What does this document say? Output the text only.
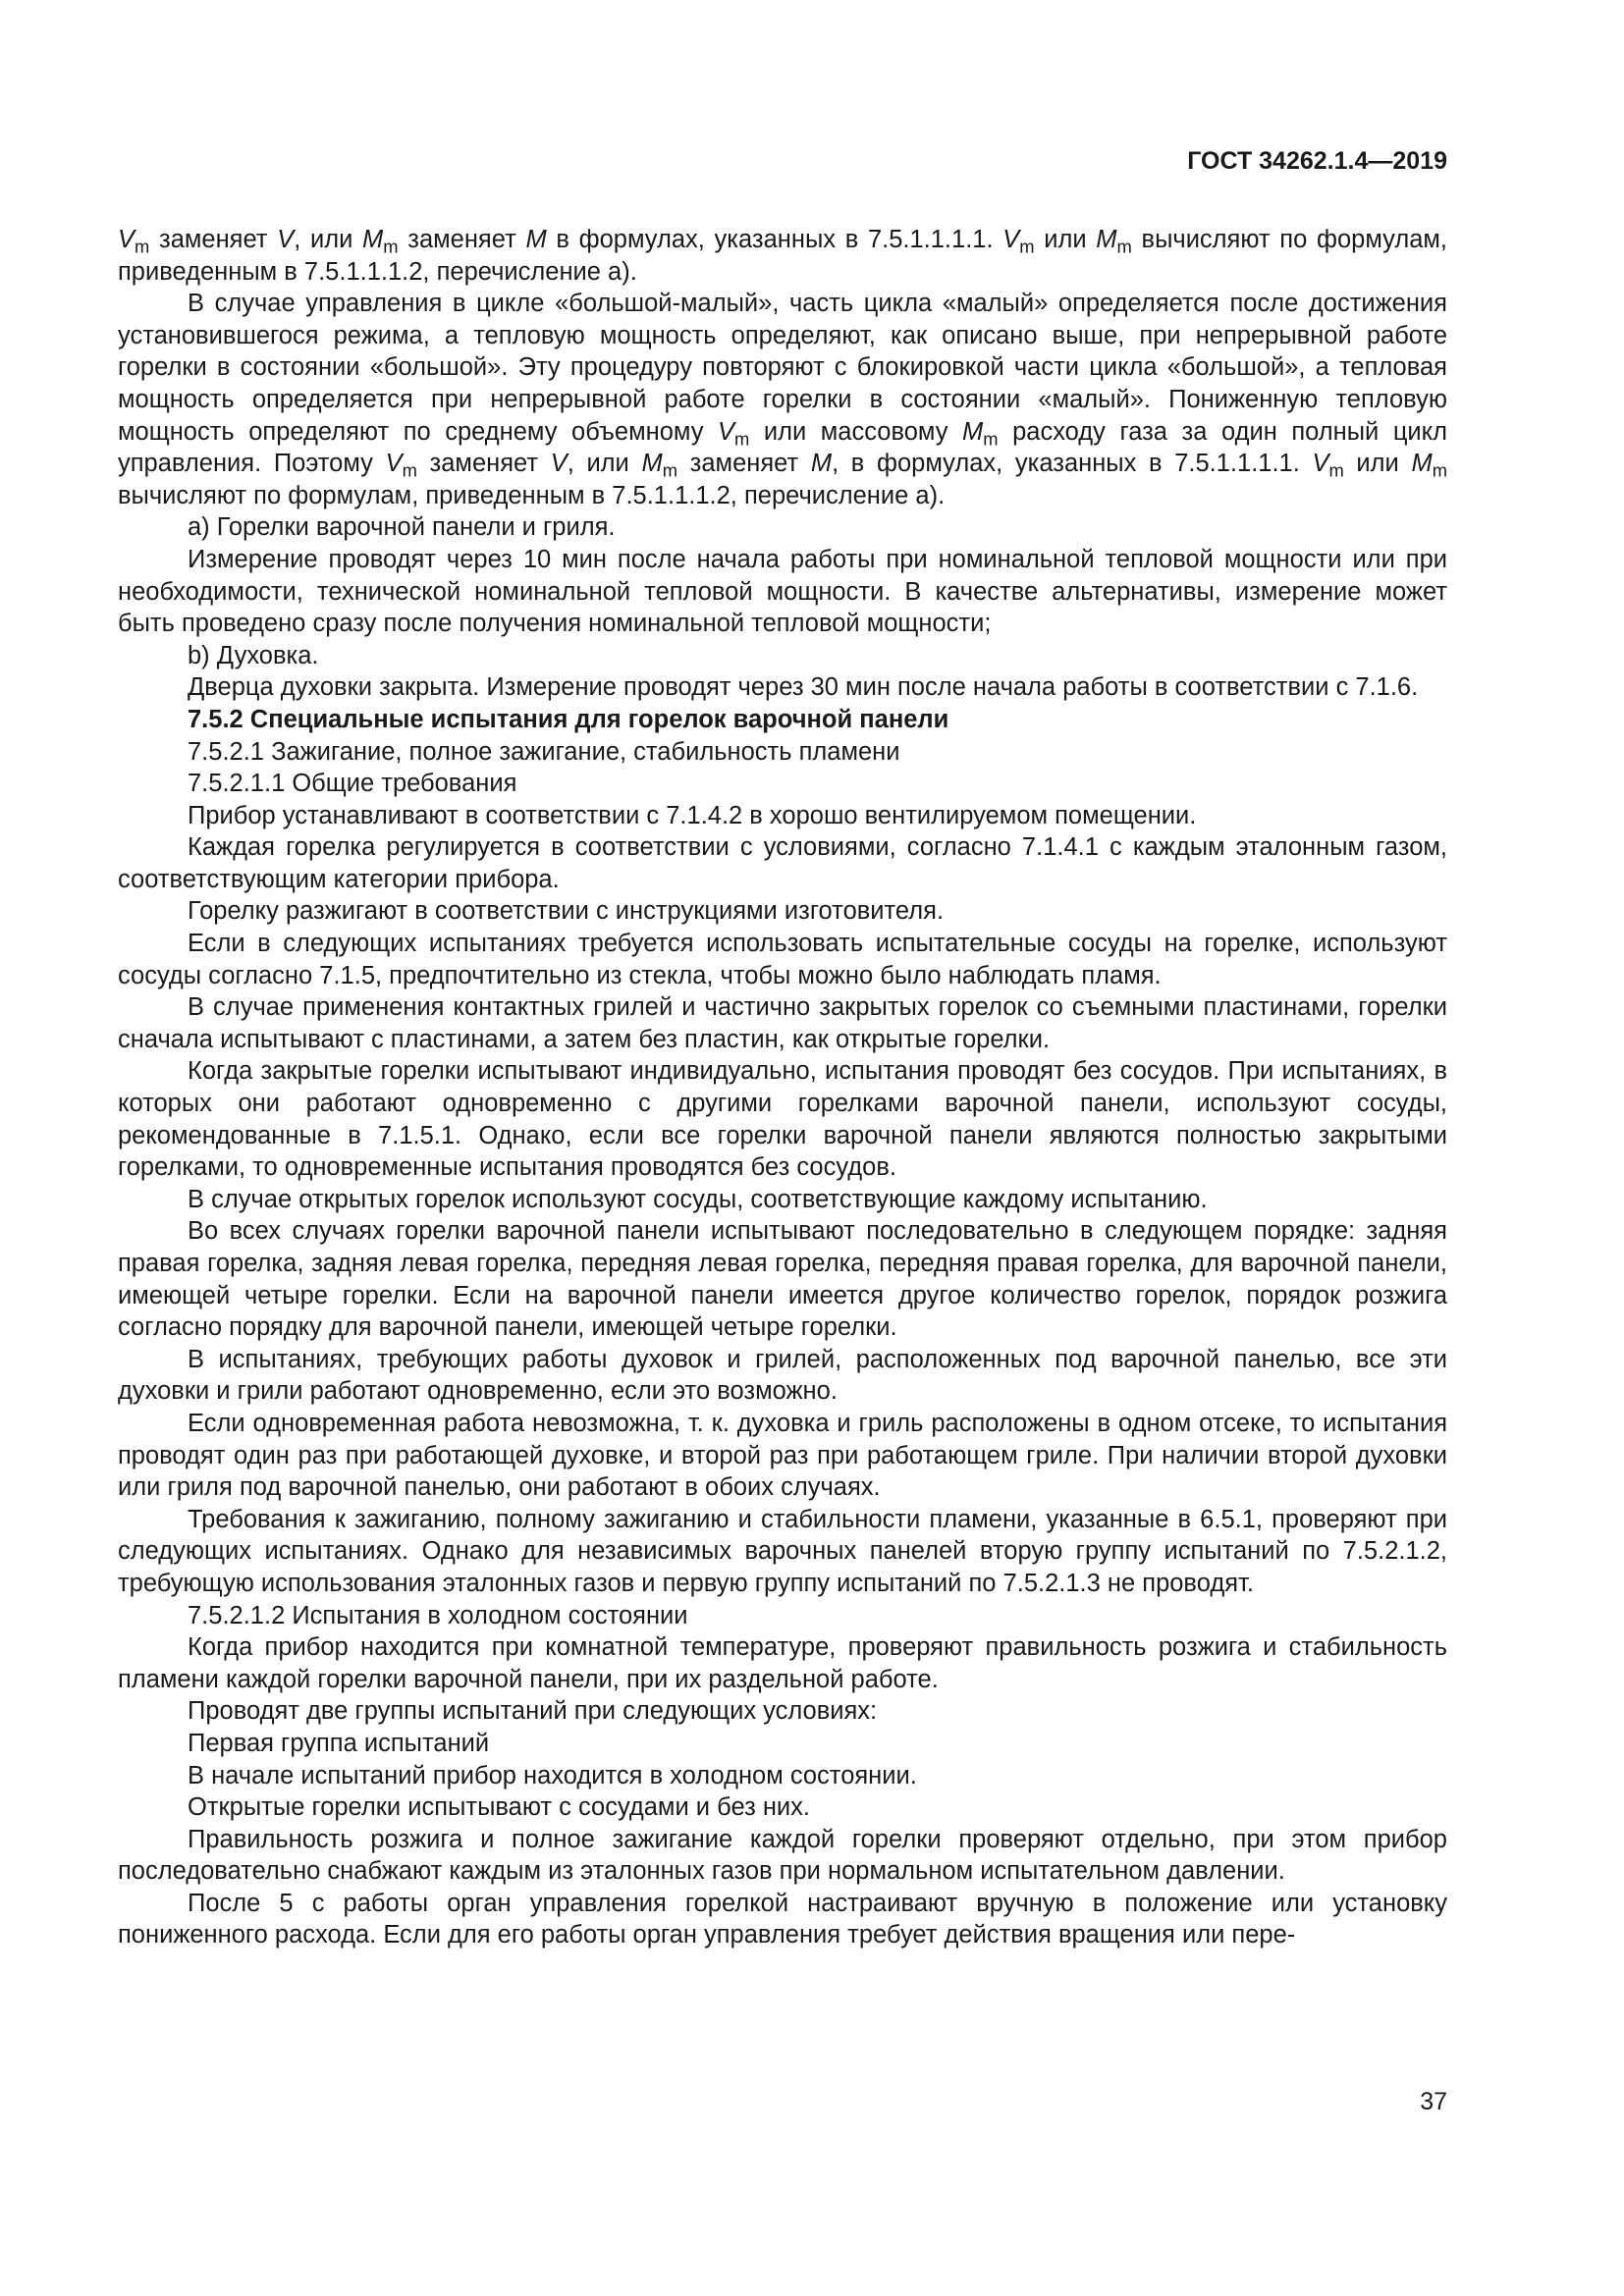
ГОСТ 34262.1.4—2019

$V_m$ заменяет V, или $M_m$ заменяет M в формулах, указанных в 7.5.1.1.1.1. $V_m$ или $M_m$ вычисляют по формулам, приведенным в 7.5.1.1.1.2, перечисление а).

В случае управления в цикле «большой-малый», часть цикла «малый» определяется после достижения установившегося режима, а тепловую мощность определяют, как описано выше, при непрерывной работе горелки в состоянии «большой». Эту процедуру повторяют с блокировкой части цикла «большой», а тепловая мощность определяется при непрерывной работе горелки в состоянии «малый». Пониженную тепловую мощность определяют по среднему объемному $V_m$ или массовому $M_m$ расходу газа за один полный цикл управления. Поэтому $V_m$ заменяет V, или $M_m$ заменяет M, в формулах, указанных в 7.5.1.1.1.1. $V_m$ или $M_m$ вычисляют по формулам, приведенным в 7.5.1.1.1.2, перечисление а).

а) Горелки варочной панели и гриля.

Измерение проводят через 10 мин после начала работы при номинальной тепловой мощности или при необходимости, технической номинальной тепловой мощности. В качестве альтернативы, измерение может быть проведено сразу после получения номинальной тепловой мощности;

b) Духовка.

Дверца духовки закрыта. Измерение проводят через 30 мин после начала работы в соответствии с 7.1.6.

7.5.2 Специальные испытания для горелок варочной панели

7.5.2.1 Зажигание, полное зажигание, стабильность пламени

7.5.2.1.1 Общие требования

Прибор устанавливают в соответствии с 7.1.4.2 в хорошо вентилируемом помещении.

Каждая горелка регулируется в соответствии с условиями, согласно 7.1.4.1 с каждым эталонным газом, соответствующим категории прибора.

Горелку разжигают в соответствии с инструкциями изготовителя.

Если в следующих испытаниях требуется использовать испытательные сосуды на горелке, используют сосуды согласно 7.1.5, предпочтительно из стекла, чтобы можно было наблюдать пламя.

В случае применения контактных грилей и частично закрытых горелок со съемными пластинами, горелки сначала испытывают с пластинами, а затем без пластин, как открытые горелки.

Когда закрытые горелки испытывают индивидуально, испытания проводят без сосудов. При испытаниях, в которых они работают одновременно с другими горелками варочной панели, используют сосуды, рекомендованные в 7.1.5.1. Однако, если все горелки варочной панели являются полностью закрытыми горелками, то одновременные испытания проводятся без сосудов.

В случае открытых горелок используют сосуды, соответствующие каждому испытанию.

Во всех случаях горелки варочной панели испытывают последовательно в следующем порядке: задняя правая горелка, задняя левая горелка, передняя левая горелка, передняя правая горелка, для варочной панели, имеющей четыре горелки. Если на варочной панели имеется другое количество горелок, порядок розжига согласно порядку для варочной панели, имеющей четыре горелки.

В испытаниях, требующих работы духовок и грилей, расположенных под варочной панелью, все эти духовки и грили работают одновременно, если это возможно.

Если одновременная работа невозможна, т. к. духовка и гриль расположены в одном отсеке, то испытания проводят один раз при работающей духовке, и второй раз при работающем гриле. При наличии второй духовки или гриля под варочной панелью, они работают в обоих случаях.

Требования к зажиганию, полному зажиганию и стабильности пламени, указанные в 6.5.1, проверяют при следующих испытаниях. Однако для независимых варочных панелей вторую группу испытаний по 7.5.2.1.2, требующую использования эталонных газов и первую группу испытаний по 7.5.2.1.3 не проводят.

7.5.2.1.2 Испытания в холодном состоянии

Когда прибор находится при комнатной температуре, проверяют правильность розжига и стабильность пламени каждой горелки варочной панели, при их раздельной работе.

Проводят две группы испытаний при следующих условиях:

Первая группа испытаний

В начале испытаний прибор находится в холодном состоянии.

Открытые горелки испытывают с сосудами и без них.

Правильность розжига и полное зажигание каждой горелки проверяют отдельно, при этом прибор последовательно снабжают каждым из эталонных газов при нормальном испытательном давлении.

После 5 с работы орган управления горелкой настраивают вручную в положение или установку пониженного расхода. Если для его работы орган управления требует действия вращения или пере-

37
